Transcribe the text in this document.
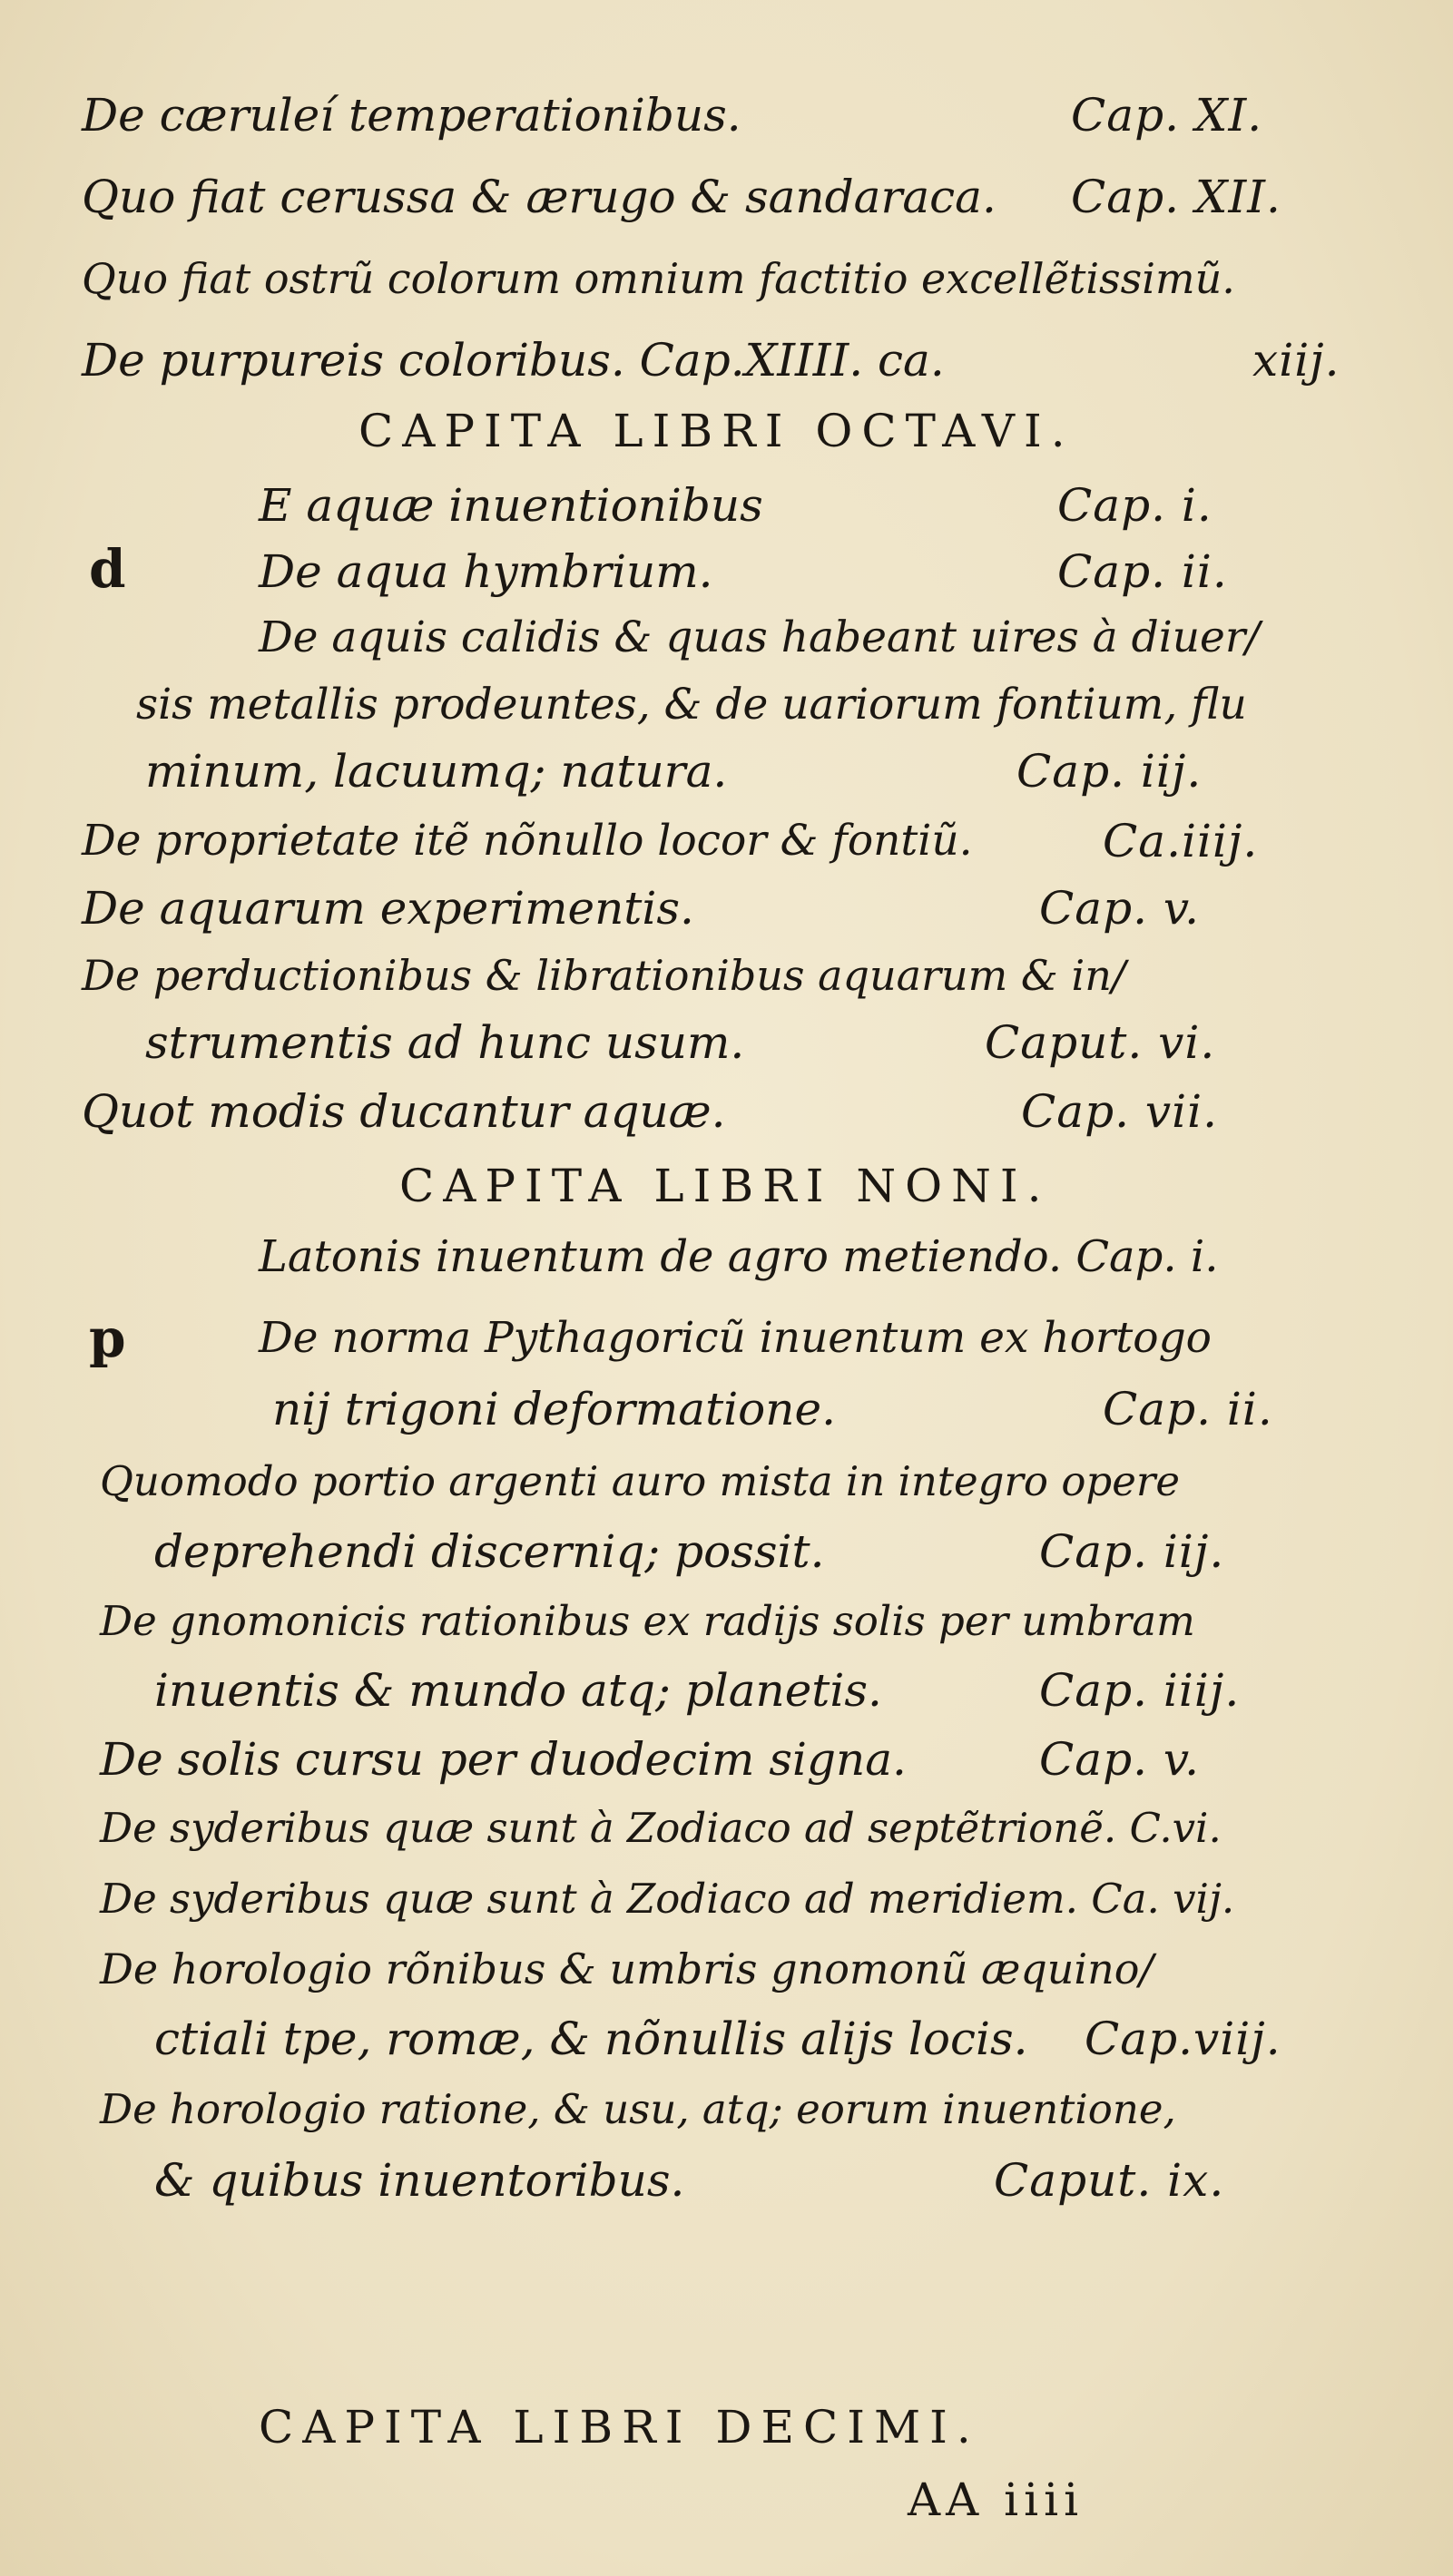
De cæruleí temperationibus.	Cap. XI.
Quo fiat cerussa & ærugo & sandaraca. Cap. XII.
Quo fiat ostrũ colorum omnium factitio excellẽtissimũ.
De purpureis coloribus. Cap.XIIII. ca.	xiij.
CAPITA LIBRI OCTAVI.
E aquæ inuentionibus	Cap. i.
d	De aqua hymbrium.	Cap. ii.
De aquis calidis & quas habeant uires à diuer/
sis metallis prodeuntes, & de uariorum fontium, flu
minum, lacuumq; natura.	Cap. iij.
De proprietate itẽ nõnullo locor & fontiũ.	Ca.iiij.
De aquarum experimentis.	Cap. v.
De perductionibus & librationibus aquarum & in/
strumentis ad hunc usum.	Caput. vi.
Quot modis ducantur aquæ.	Cap. vii.
CAPITA LIBRI NONI.
Latonis inuentum de agro metiendo. Cap. i.
p	De norma Pythagoricũ inuentum ex hortogo
nij trigoni deformatione.	Cap. ii.
Quomodo portio argenti auro mista in integro opere
deprehendi discerniq; possit.	Cap. iij.
De gnomonicis rationibus ex radijs solis per umbram
inuentis & mundo atq; planetis.	Cap. iiij.
De solis cursu per duodecim signa.	Cap. v.
De syderibus quæ sunt à Zodiaco ad septẽtrionẽ. C.vi.
De syderibus quæ sunt à Zodiaco ad meridiem. Ca. vij.
De horologio rõnibus & umbris gnomonũ æquino/
ctiali tpe, romæ, & nõnullis alijs locis. Cap.viij.
De horologio ratione, & usu, atq; eorum inuentione,
& quibus inuentoribus.	Caput. ix.
CAPITA LIBRI DECIMI.
AA iiii
